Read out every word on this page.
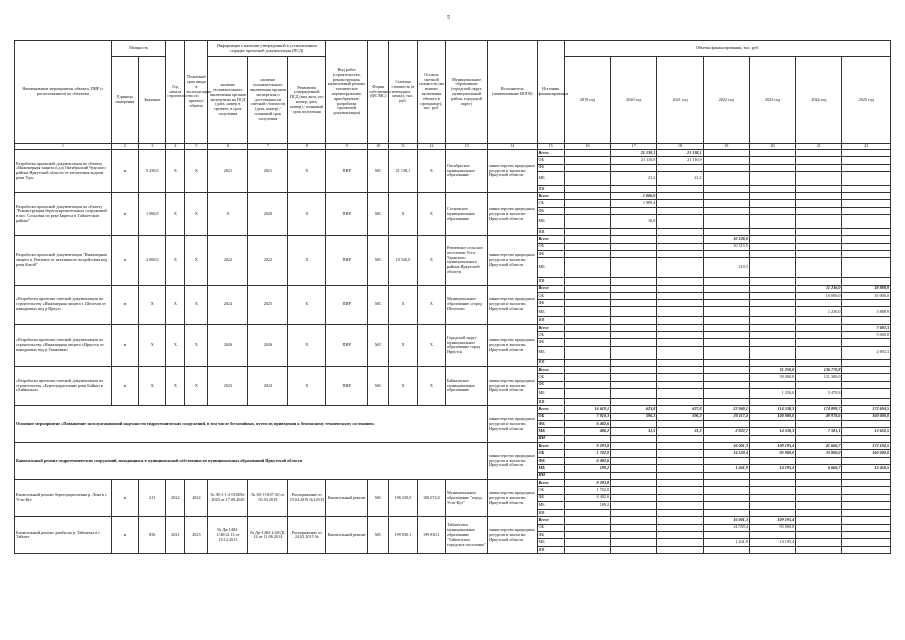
5
Наименование мероприятия, объекта, ПИР (с расположением) по объектам	Мощность		Год начала строительства	Плановый срок ввода в эксплуатацию по проекту/объекту	Информация о наличии утвержденной в установленном порядке проектной документации (ПСД)			Вид работ (строительство, реконструкция, капитальный ремонт, техническое перевооружение, приобретение, разработка проектной документации)	Форма собственности (ФС/МС)	Сметная стоимость (в текущих ценах), тыс. руб.	Остаток сметной стоимости (на момент включения объекта в программу), тыс. руб.	Муниципальное образование (городской округ, муниципальный район, городской округ)	Исполнитель (наименование ИОГВ)	Источник финансирования	Объемы финансирования, тыс. руб.						
	Единица измерения	Значение			наличие положительного заключения органов экспертизы на ПСД (дата, номер в проекте, в срок получения	наличие положительного заключения органов экспертизы о достоверности сметной стоимости (дата, номер) / плановый срок получения	Реквизиты утвержденной ПСД (вид акта, его номер, дата, номер) / плановый срок получения								2019 год	2020 год	2021 год	2022 год	2023 год	2024 год	2025 год

1	2	3	4	5	6	7	8	9	10	11	12	13	14	15	16	17	18	19	20	21	22
Разработка проектной документации по объекту «Инженерная защита п.д.и Октябрьский Чунского района Иркутской области от затопления водами реки Уда»	м	5 250,0	Х	Х	2021	2021	Х	ПИР	МС	21 138,1	Х	Октябрьское муниципальное образование	министерство природных ресурсов и экологии Иркутской области	Всего		21 138,1	21 138,1				
														ОБ		21 116,9	21 116,9				
														ФБ							
														МБ		21,2	21,2				
														ИИ							
Разработка проектной документации по объекту "Реконструкция берегоукрепительных сооружений в пос. Сосновка по реке Бирюса в Тайшетском районе"	м	1 960,0	Х	Х	Х	2020	Х	ПИР	МС	Х	Х	Сосновское муниципальное образование	министерство природных ресурсов и экологии Иркутской области	Всего		1 006,0					
														ОБ		1 989,4					
														ФБ							
														МБ		16,6					
														ИИ							
Разработка проектной документации "Инженерная защита п. Ревзевое от негативного воздействия вод реки Катой"	м	2 000,0	Х	Х	2022	2022	Х	ПИР	МС	10 526,0	Х	Ревзевское сельское поселение Усть-Удинского муниципального района Иркутской области	министерство природных ресурсов и экологии Иркутской области	Всего				10 526,0			
														ОБ				10 315,5			
														ФБ							
														МБ				210,5			
														ИИ							
«Разработка проектно-сметной документации по строительству «Инженерная защита г. Шелехов от паводковых вод р.Иркут»	м	Х	Х	Х	2024	2025	Х	ПИР	МС	Х	Х	Муниципальное образование «город Шелехов»	министерство природных ресурсов и экологии Иркутской области	Всего						11 236,0	38 888,9
														ОБ						10 000,0	35 000,0
														ФБ							
														МБ						1 236,0	3 888,9
														ИИ							
«Разработка проектно-сметной документации по строительству «Инженерная защита г.Иркутск от паводковых вод р.Ушаковки»	м	Х	Х	Х	2026	2026	Х	ПИР	МС	Х	Х	Городской округ муниципальное образование город Иркутск	министерство природных ресурсов и экологии Иркутской области	Всего							7 692,3
														ОБ							5 000,0
														ФБ							
														МБ							2 692,3
														ИИ							
«Разработка проектно-сметной документации по строительству «Берегоукрепление реки Байкал в г.Байкальск»	м	Х	Х	Х	2023	2024	Х	ПИР	МС	Х	Х	Байкальское муниципальное образование	министерство природных ресурсов и экологии Иркутской области	Всего					31 250,0	136 770,8	
														ОБ					30 000,0	131 300,0	
														ФБ							
														МБ					1 250,0	5 470,8	
														ИИ							
Основное мероприятие «Повышение эксплуатационной надежности гидротехнических сооружений, в том числе бесхозяйных, путем их приведения к безопасному техническому состоянию»													министерство природных ресурсов и экологии Иркутской области	Всего	14 619,1	623,8	627,8	22 940,1	114 530,3	174 899,7	172 694,5
														ОБ	7 810,3	596,3	596,3	20 117,4	100 000,0	49 978,6	160 000,0
														ФБ	6 402,6						
														МБ	406,2	31,5	31,5	2 822,7	14 530,3	7 581,1	13 650,5
														ИИ							
Капитальный ремонт гидротехнических сооружений, находящихся в муниципальной собственности муниципальных образований Иркутской области													министерство природных ресурсов и экологии Иркутской области	Всего	8 293,8			16 001,3	109 195,4	41 666,7	172 194,5
														ОБ	1 702,0			14 559,4	95 000,0	35 000,0	160 000,0
														ФБ	6 402,6						
														МБ	189,2			1 441,9	14 195,4	6 666,7	12 450,5
														ИИ							
Капитальный ремонт берегоукрепления р. Лена в г. Усть-Кут	м	213	2022	2024	№ 38-1-1-2-018692-2020 от 17.09.2020	№ 38-1-0107-20 от 03.03.2019	Распоряжение от 19.04.2019 №129-П	Капитальный ремонт	МС	196 330,0	106 074,0	Муниципальное образование "город Усть-Кут"	министерство природных ресурсов и экологии Иркутской области	Всего	8 293,8						
														ОБ	1 702,0						
														ФБ	6 402,6						
														МБ	189,2						
														ИИ							
Капитальный ремонт дамбы на р. Тайшетка в г. Тайшет	м	856	2021	2023	№ Ди-1482-1/40/12.13 от 19.12.2013	№ Ди-1482-1/40/ДС 14 от 11.06.2014	Распоряжение от 24.02.2015 №	Капитальный ремонт	МС	199 830,1	199 830,1	Тайшетское муниципальное образование "Тайшетское городское поселение"	министерство природных ресурсов и экологии Иркутской области	Всего				16 001,3	109 195,4		
														ОБ				14 559,4	95 000,0		
														ФБ							
														МБ				1 441,9	14 195,4		
														ИИ							
